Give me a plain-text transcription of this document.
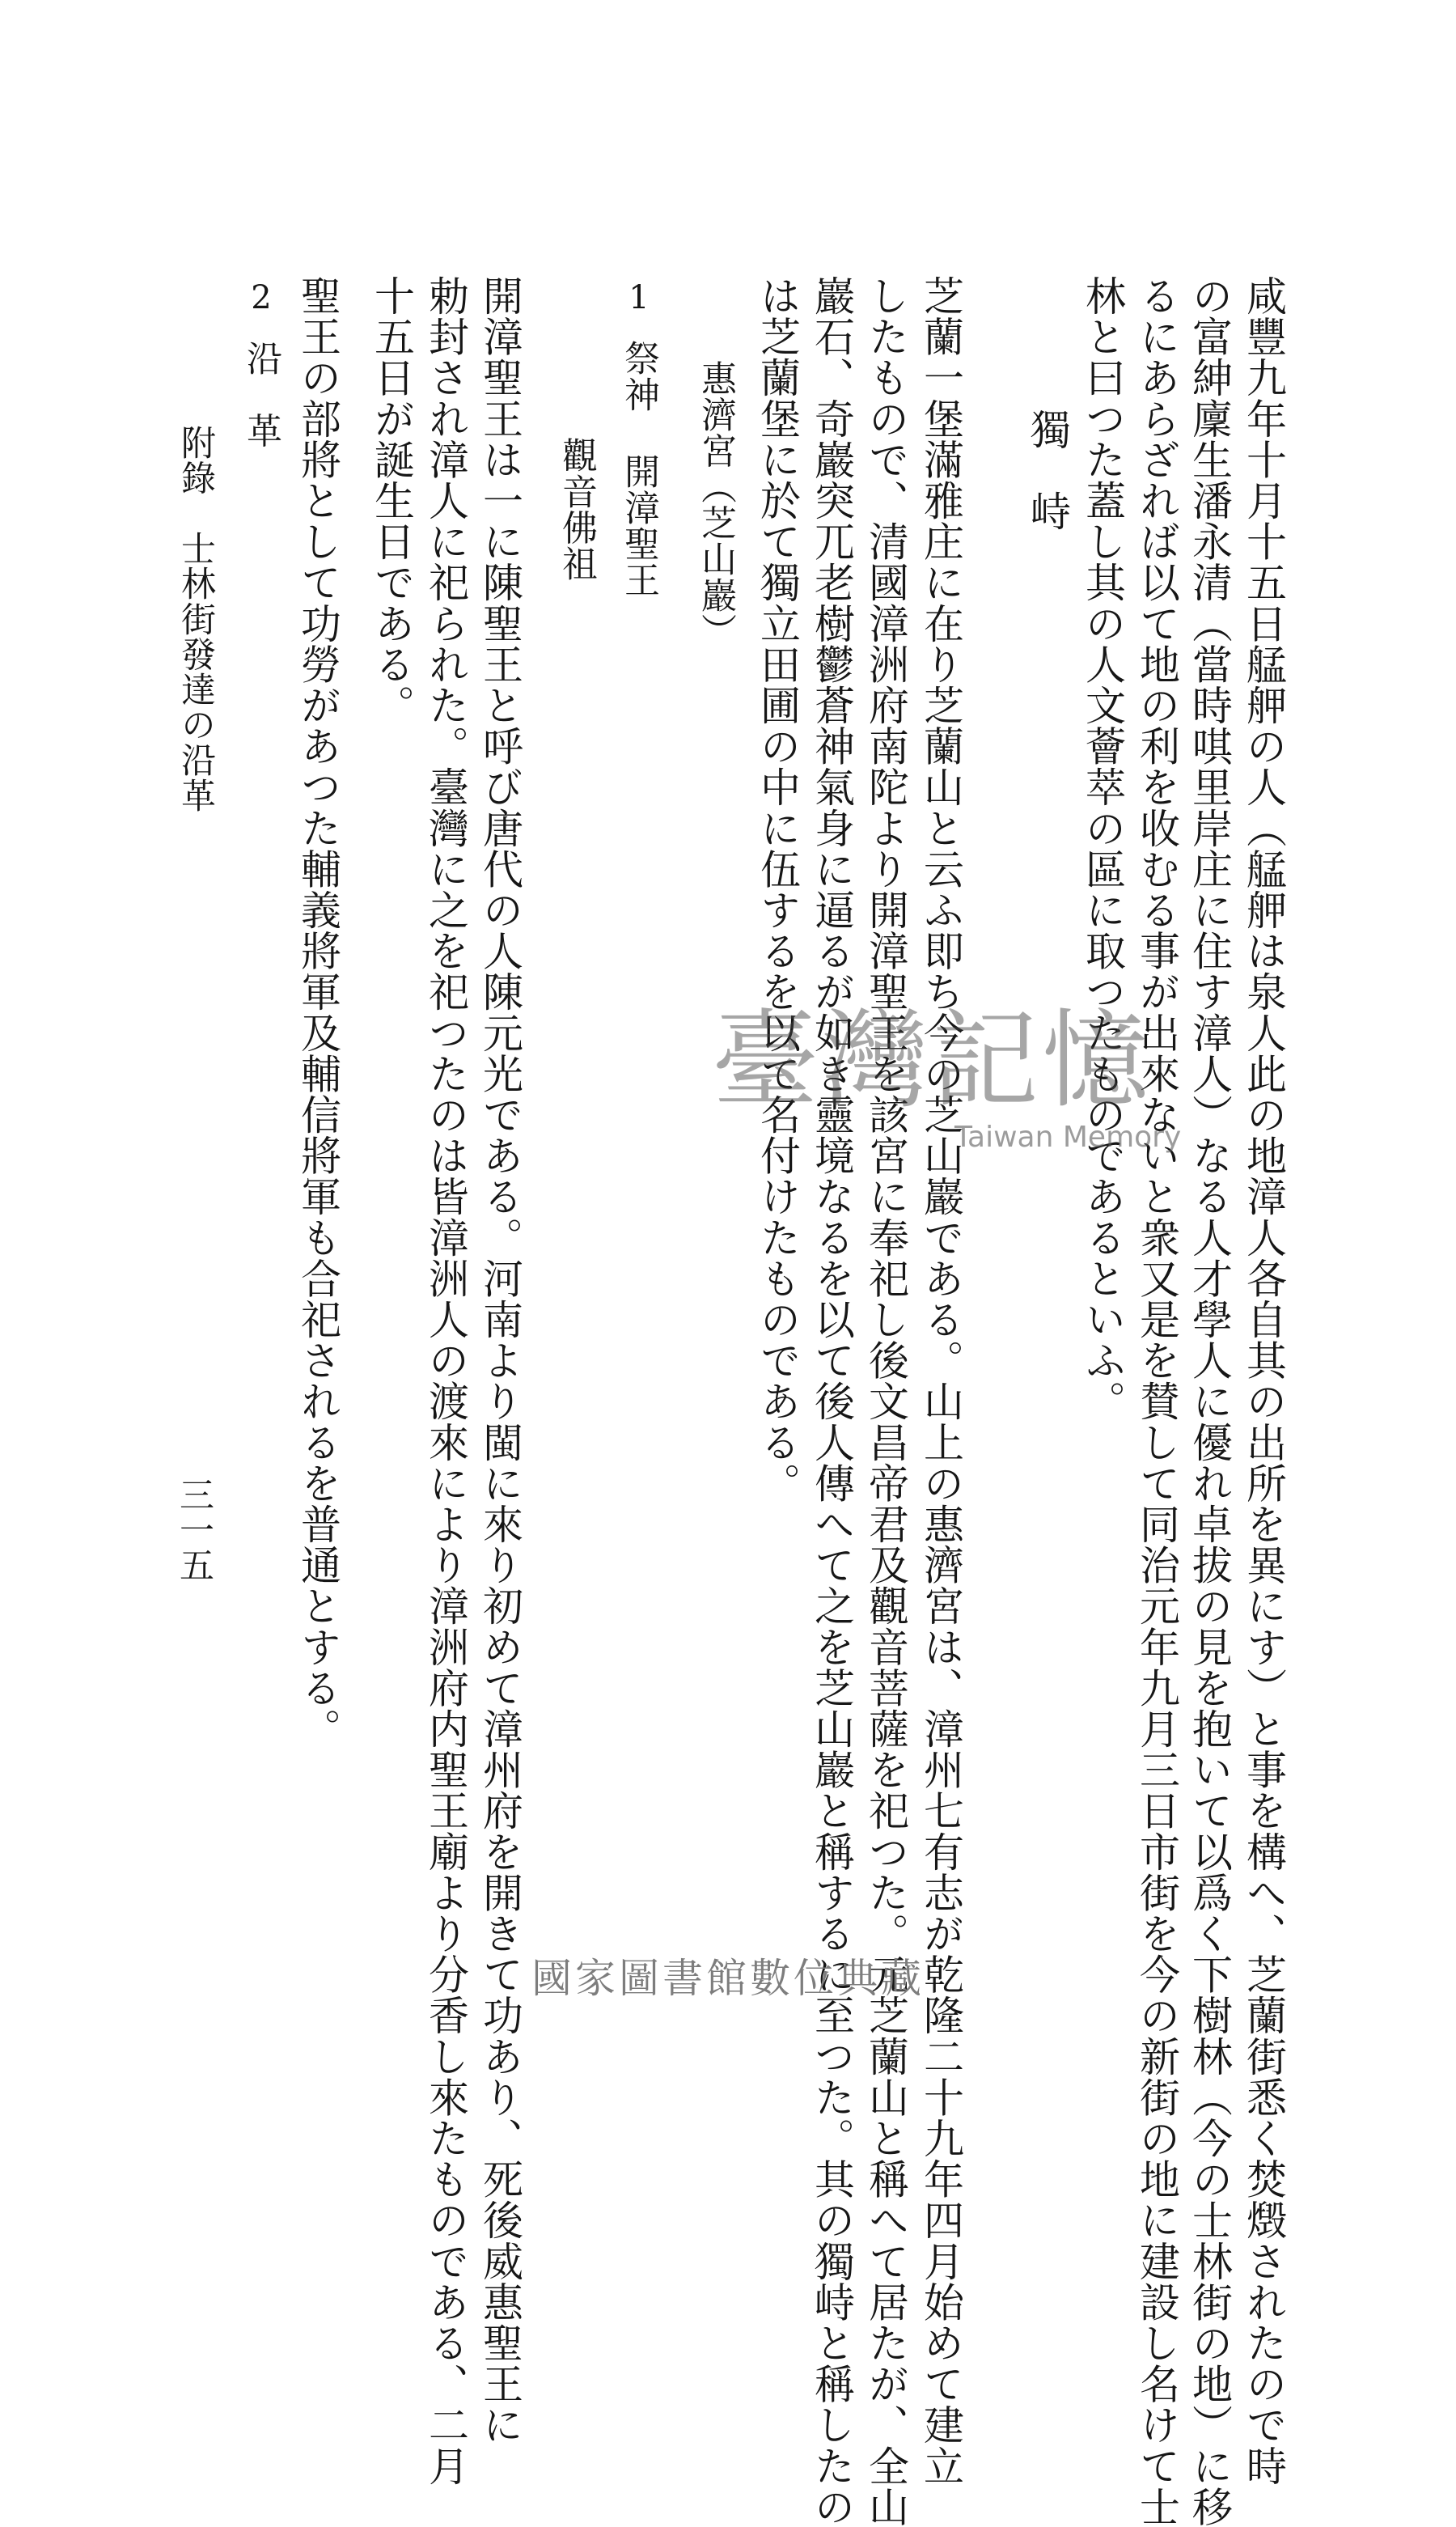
咸豐九年十月十五日艋舺の人（艋舺は泉人此の地漳人各自其の出所を異にす）と事を構へ、芝蘭街悉く焚燬されたので時
の富紳廩生潘永清（當時唭里岸庄に住す漳人）なる人才學人に優れ卓拔の見を抱いて以爲く下樹林（今の士林街の地）に移
るにあらざれば以て地の利を收むる事が出來ないと衆又是を賛して同治元年九月三日市街を今の新街の地に建設し名けて士
林と曰つた蓋し其の人文薈萃の區に取つたものであるといふ。
獨　峙
芝蘭一堡滿雅庄に在り芝蘭山と云ふ即ち今の芝山巖である。山上の惠濟宮は、漳州七有志が乾隆二十九年四月始めて建立
したもので、清國漳洲府南陀より開漳聖王を該宮に奉祀し後文昌帝君及觀音菩薩を祀つた。元芝蘭山と稱へて居たが、全山
巖石、奇巖突兀老樹鬱蒼神氣身に逼るが如き靈境なるを以て後人傳へて之を芝山巖と稱するに至つた。其の獨峙と稱したの
は芝蘭堡に於て獨立田圃の中に伍するを以て名付けたものである。
惠濟宮（芝山巖）
1
祭神
開漳聖王
觀音佛祖
開漳聖王は一に陳聖王と呼び唐代の人陳元光である。河南より閩に來り初めて漳州府を開きて功あり、死後威惠聖王に
勅封され漳人に祀られた。臺灣に之を祀つたのは皆漳洲人の渡來により漳洲府内聖王廟より分香し來たものである、二月
十五日が誕生日である。
2
沿　革 聖王の部將として功勞があつた輔義將軍及輔信將軍も合祀されるを普通とする。
附錄　士林街發達の沿革
三一五
臺灣記憶
Taiwan Memory
國家圖書館數位典藏
